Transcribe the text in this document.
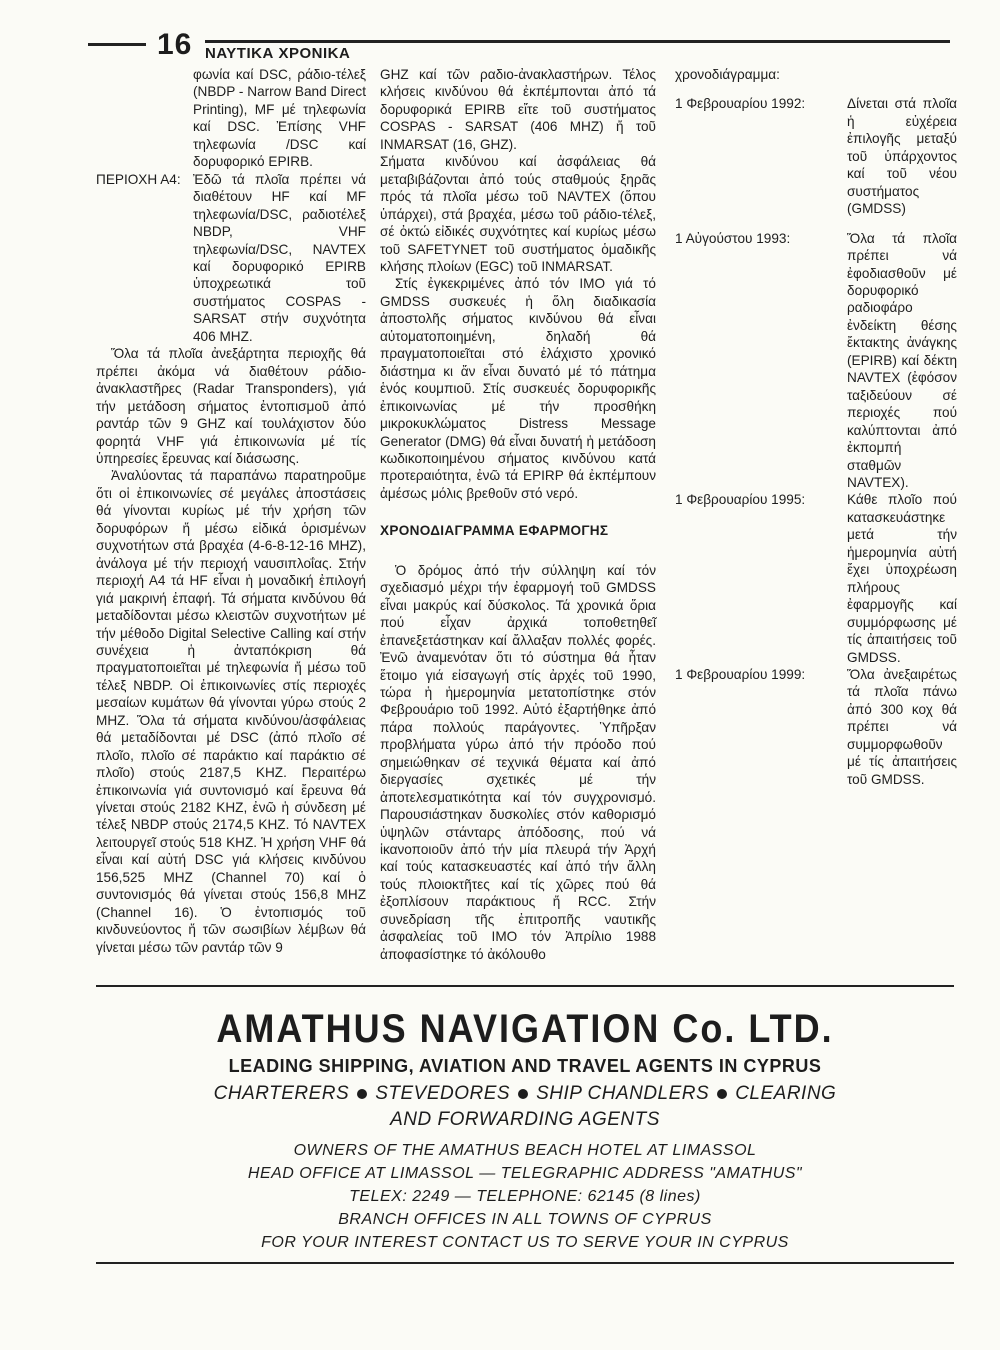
16 ΝΑΥΤΙΚΑ ΧΡΟΝΙΚΑ
φωνία καί DSC, ράδιο-τέλεξ (NBDP - Narrow Band Direct Printing), MF μέ τηλεφωνία καί DSC. Ἐπίσης VHF τηλεφωνία /DSC καί δορυφορικό EPIRB.
ΠΕΡΙΟΧΗ Α4: Ἐδῶ τά πλοῖα πρέπει νά διαθέτουν HF καί MF τηλεφωνία/DSC, ραδιοτέλεξ NBDP, VHF τηλεφωνία/DSC, NAVTEX καί δορυφορικό EPIRB ὑποχρεωτικά τοῦ συστήματος COSPAS - SARSAT στήν συχνότητα 406 MHZ.

Ὅλα τά πλοῖα ἀνεξάρτητα περιοχῆς θά πρέπει ἀκόμα νά διαθέτουν ράδιο-ἀνακλαστῆρες (Radar Transponders), γιά τήν μετάδοση σήματος ἐντοπισμοῦ ἀπό ραντάρ τῶν 9 GHZ καί τουλάχιστον δύο φορητά VHF γιά ἐπικοινωνία μέ τίς ὑπηρεσίες ἔρευνας καί διάσωσης.

Ἀναλύοντας τά παραπάνω παρατηροῦμε ὅτι οἱ ἐπικοινωνίες σέ μεγάλες ἀποστάσεις θά γίνονται κυρίως μέ τήν χρήση τῶν δορυφόρων ἤ μέσω εἰδικά ὁρισμένων συχνοτήτων στά βραχέα (4-6-8-12-16 MHZ), ἀνάλογα μέ τήν περιοχή ναυσιπλοΐας. Στήν περιοχή Α4 τά HF εἶναι ἡ μοναδική ἐπιλογή γιά μακρινή ἐπαφή. Τά σήματα κινδύνου θά μεταδίδονται μέσω κλειστῶν συχνοτήτων μέ τήν μέθοδο Digital Selective Calling καί στήν συνέχεια ἡ ἀνταπόκριση θά πραγματοποιεῖται μέ τηλεφωνία ἤ μέσω τοῦ τέλεξ NBDP. Οἱ ἐπικοινωνίες στίς περιοχές μεσαίων κυμάτων θά γίνονται γύρω στούς 2 MHZ. Ὅλα τά σήματα κινδύνου/ἀσφάλειας θά μεταδίδονται μέ DSC (ἀπό πλοῖο σέ πλοῖο, πλοῖο σέ παράκτιο καί παράκτιο σέ πλοῖο) στούς 2187,5 KHZ. Περαιτέρω ἐπικοινωνία γιά συντονισμό καί ἔρευνα θά γίνεται στούς 2182 KHZ, ἐνῶ ἡ σύνδεση μέ τέλεξ NBDP στούς 2174,5 KHZ. Τό NAVTEX λειτουργεῖ στούς 518 KHZ. Ἡ χρήση VHF θά εἶναι καί αὐτή DSC γιά κλήσεις κινδύνου 156,525 MHZ (Channel 70) καί ὁ συντονισμός θά γίνεται στούς 156,8 MHZ (Channel 16). Ὁ ἐντοπισμός τοῦ κινδυνεύοντος ἤ τῶν σωσιβίων λέμβων θά γίνεται μέσω τῶν ραντάρ τῶν 9

GHZ καί τῶν ραδιο-ἀνακλαστήρων. Τέλος κλήσεις κινδύνου θά ἐκπέμπονται ἀπό τά δορυφορικά EPIRB εἴτε τοῦ συστήματος COSPAS - SARSAT (406 MHZ) ἤ τοῦ INMARSAT (16, GHZ).

Σήματα κινδύνου καί ἀσφάλειας θά μεταβιβάζονται ἀπό τούς σταθμούς ξηρᾶς πρός τά πλοῖα μέσω τοῦ NAVTEX (ὅπου ὑπάρχει), στά βραχέα, μέσω τοῦ ράδιο-τέλεξ, σέ ὀκτώ εἰδικές συχνότητες καί κυρίως μέσω τοῦ SAFETYNET τοῦ συστήματος ὁμαδικῆς κλήσης πλοίων (EGC) τοῦ INMARSAT.

Στίς ἐγκεκριμένες ἀπό τόν ΙΜΟ γιά τό GMDSS συσκευές ἡ ὅλη διαδικασία ἀποστολῆς σήματος κινδύνου θά εἶναι αὐτοματοποιημένη, δηλαδή θά πραγματοποιεῖται στό ἐλάχιστο χρονικό διάστημα κι ἄν εἶναι δυνατό μέ τό πάτημα ἑνός κουμπιοῦ. Στίς συσκευές δορυφορικῆς ἐπικοινωνίας μέ τήν προσθήκη μικροκυκλώματος Distress Message Generator (DMG) θά εἶναι δυνατή ἡ μετάδοση κωδικοποιημένου σήματος κινδύνου κατά προτεραιότητα, ἐνῶ τά EPIRP θά ἐκπέμπουν ἀμέσως μόλις βρεθοῦν στό νερό.

ΧΡΟΝΟΔΙΑΓΡΑΜΜΑ ΕΦΑΡΜΟΓΗΣ

Ὁ δρόμος ἀπό τήν σύλληψη καί τόν σχεδιασμό μέχρι τήν ἐφαρμογή τοῦ GMDSS εἶναι μακρύς καί δύσκολος. Τά χρονικά ὅρια πού εἶχαν ἀρχικά τοποθετηθεῖ ἐπανεξετάστηκαν καί ἄλλαξαν πολλές φορές. Ἐνῶ ἀναμενόταν ὅτι τό σύστημα θά ἦταν ἕτοιμο γιά εἰσαγωγή στίς ἀρχές τοῦ 1990, τώρα ἡ ἡμερομηνία μετατοπίστηκε στόν Φεβρουάριο τοῦ 1992. Αὐτό ἐξαρτήθηκε ἀπό πάρα πολλούς παράγοντες. Ὑπῆρξαν προβλήματα γύρω ἀπό τήν πρόοδο πού σημειώθηκαν σέ τεχνικά θέματα καί ἀπό διεργασίες σχετικές μέ τήν ἀποτελεσματικότητα καί τόν συγχρονισμό. Παρουσιάστηκαν δυσκολίες στόν καθορισμό ὑψηλῶν στάνταρς ἀπόδοσης, πού νά ἱκανοποιοῦν ἀπό τήν μία πλευρά τήν Ἀρχή καί τούς κατασκευαστές καί ἀπό τήν ἄλλη τούς πλοιοκτῆτες καί τίς χῶρες πού θά ἐξοπλίσουν παράκτιους ἤ RCC. Στήν συνεδρίαση τῆς ἐπιτροπῆς ναυτικῆς ἀσφαλείας τοῦ ΙΜΟ τόν Ἀπρίλιο 1988 ἀποφασίστηκε τό ἀκόλουθο

χρονοδιάγραμμα:
1 Φεβρουαρίου 1992:	Δίνεται στά πλοῖα ἡ εὐχέρεια ἐπιλογῆς μεταξύ τοῦ ὑπάρχοντος καί τοῦ νέου συστήματος (GMDSS)
1 Αὐγούστου 1993:	Ὅλα τά πλοῖα πρέπει νά ἐφοδιασθοῦν μέ δορυφορικό ραδιοφάρο ἐνδείκτη θέσης ἔκτακτης ἀνάγκης (EPIRB) καί δέκτη NAVTEX (ἐφόσον ταξιδεύουν σέ περιοχές πού καλύπτονται ἀπό ἐκπομπή σταθμῶν NAVTEX).
1 Φεβρουαρίου 1995:	Κάθε πλοῖο πού κατασκευάστηκε μετά τήν ἡμερομηνία αὐτή ἔχει ὑποχρέωση πλήρους ἐφαρμογῆς καί συμμόρφωσης μέ τίς ἀπαιτήσεις τοῦ GMDSS.
1 Φεβρουαρίου 1999:	Ὅλα ἀνεξαιρέτως τά πλοῖα πάνω ἀπό 300 κοχ θά πρέπει νά συμμορφωθοῦν μέ τίς ἀπαιτήσεις τοῦ GMDSS.
AMATHUS NAVIGATION Co. LTD.
LEADING SHIPPING, AVIATION AND TRAVEL AGENTS IN CYPRUS
CHARTERERS STEVEDORES SHIP CHANDLERS CLEARING
AND FORWARDING AGENTS
OWNERS OF THE AMATHUS BEACH HOTEL AT LIMASSOL
HEAD OFFICE AT LIMASSOL — TELEGRAPHIC ADDRESS "AMATHUS"
TELEX: 2249 — TELEPHONE: 62145 (8 lines)
BRANCH OFFICES IN ALL TOWNS OF CYPRUS
FOR YOUR INTEREST CONTACT US TO SERVE YOUR IN CYPRUS
